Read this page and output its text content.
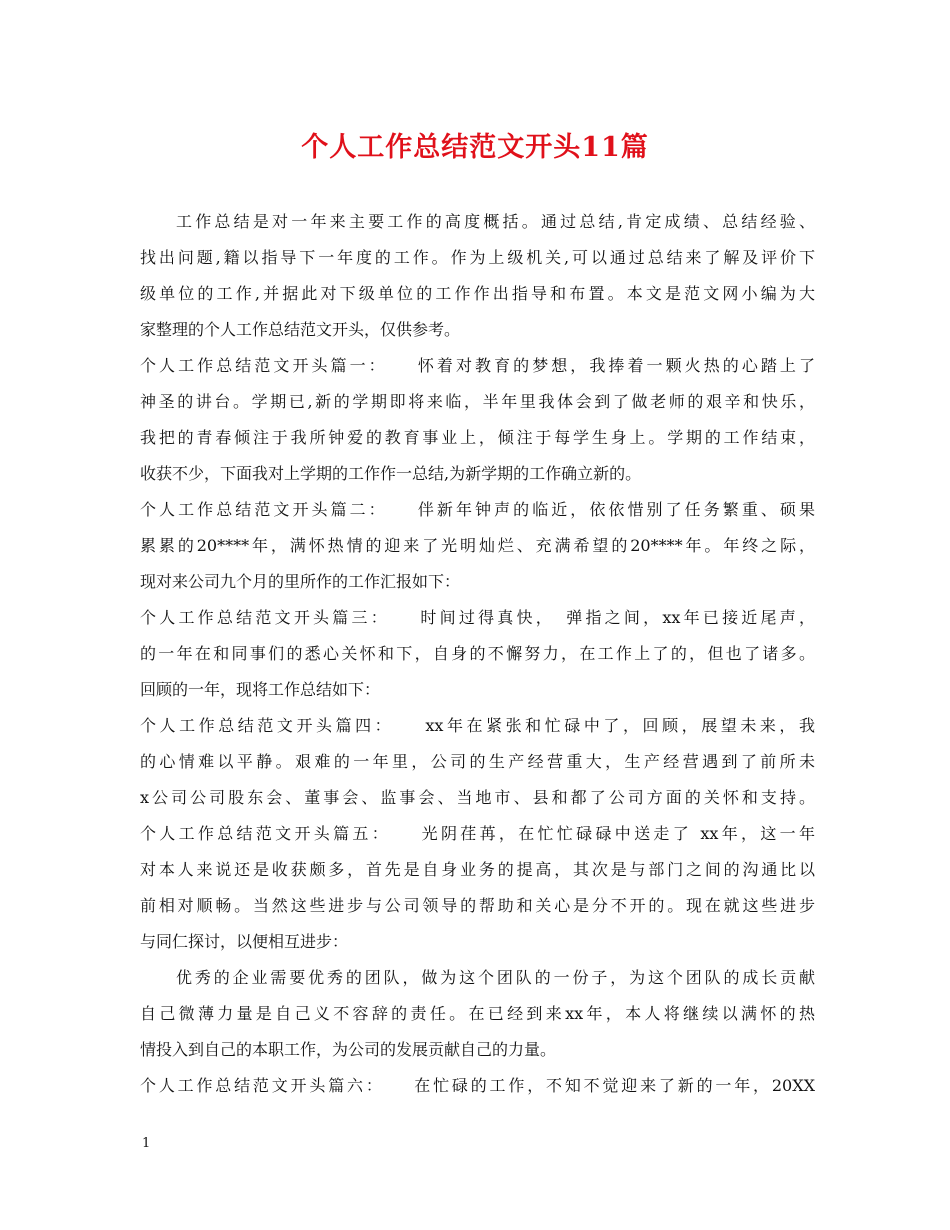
个人工作总结范文开头11篇
工作总结是对一年来主要工作的高度概括。通过总结,肯定成绩、总结经验、
找出问题,籍以指导下一年度的工作。作为上级机关,可以通过总结来了解及评价下
级单位的工作,并据此对下级单位的工作作出指导和布置。本文是范文网小编为大
家整理的个人工作总结范文开头，仅供参考。
个人工作总结范文开头篇一：　　怀着对教育的梦想，我捧着一颗火热的心踏上了
神圣的讲台。学期已,新的学期即将来临，半年里我体会到了做老师的艰辛和快乐，
我把的青春倾注于我所钟爱的教育事业上，倾注于每学生身上。学期的工作结束，
收获不少，下面我对上学期的工作作一总结,为新学期的工作确立新的。
个人工作总结范文开头篇二：　　伴新年钟声的临近，依依惜别了任务繁重、硕果
累累的20****年，满怀热情的迎来了光明灿烂、充满希望的20****年。年终之际，
现对来公司九个月的里所作的工作汇报如下：
个人工作总结范文开头篇三：　　时间过得真快，　弹指之间，xx年已接近尾声，
的一年在和同事们的悉心关怀和下，自身的不懈努力，在工作上了的，但也了诸多。
回顾的一年，现将工作总结如下：
个人工作总结范文开头篇四：　　xx年在紧张和忙碌中了，回顾，展望未来，我
的心情难以平静。艰难的一年里，公司的生产经营重大，生产经营遇到了前所未
x公司公司股东会、董事会、监事会、当地市、县和都了公司方面的关怀和支持。
个人工作总结范文开头篇五：　　光阴荏苒，在忙忙碌碌中送走了 xx年，这一年
对本人来说还是收获颇多，首先是自身业务的提高，其次是与部门之间的沟通比以
前相对顺畅。当然这些进步与公司领导的帮助和关心是分不开的。现在就这些进步
与同仁探讨，以便相互进步：
优秀的企业需要优秀的团队，做为这个团队的一份子，为这个团队的成长贡献
自己微薄力量是自己义不容辞的责任。在已经到来xx年，本人将继续以满怀的热
情投入到自己的本职工作，为公司的发展贡献自己的力量。
个人工作总结范文开头篇六：　　在忙碌的工作，不知不觉迎来了新的一年，20XX
1
